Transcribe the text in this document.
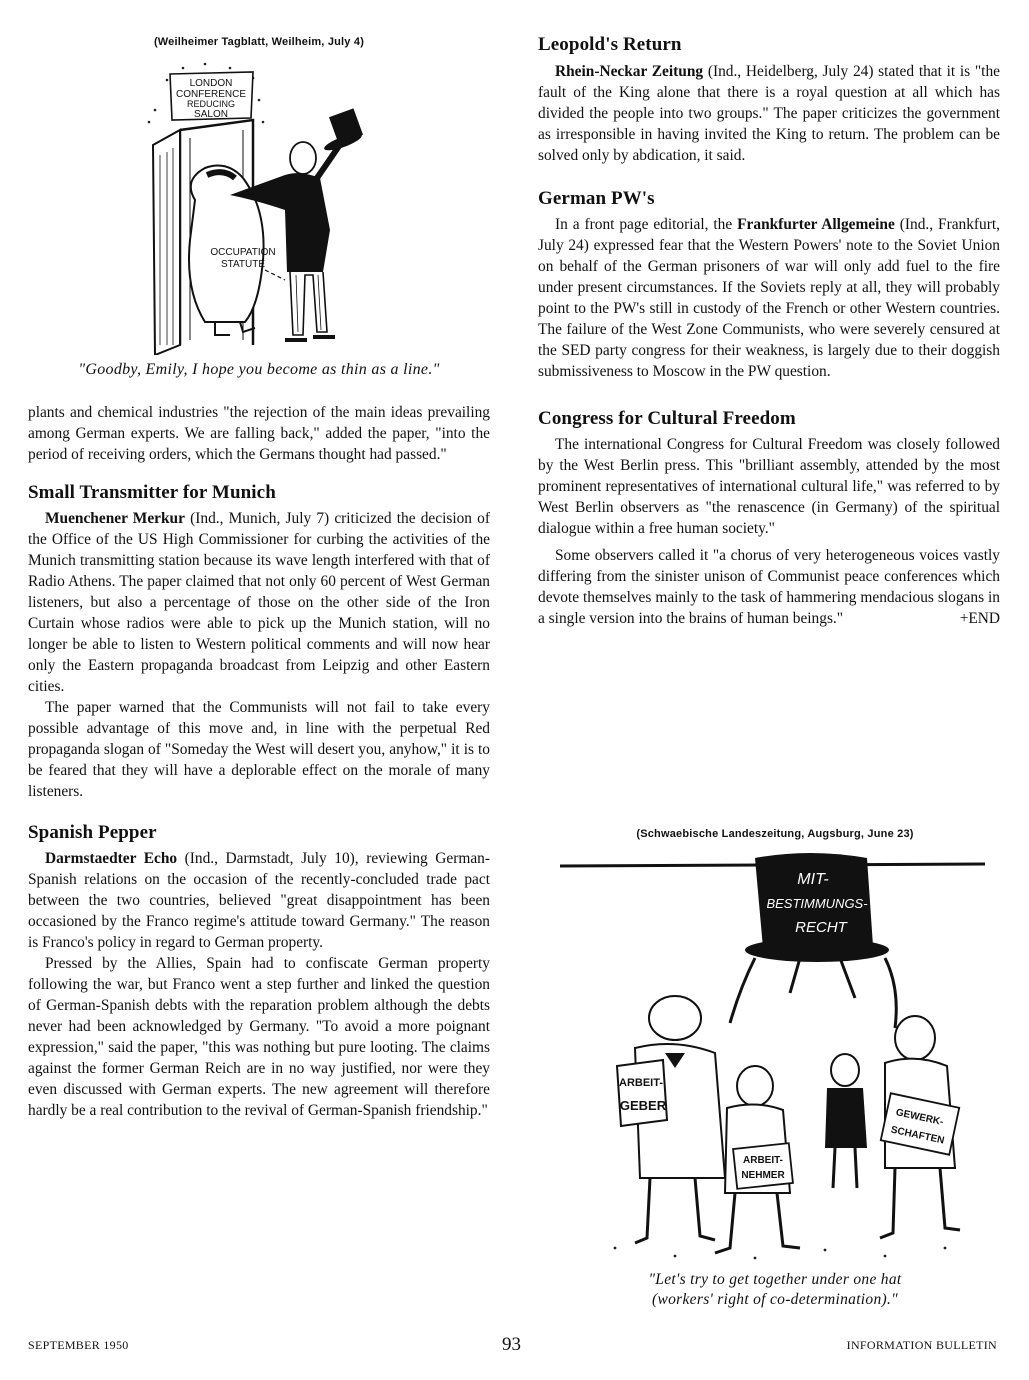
(Weilheimer Tagblatt, Weilheim, July 4)
LONDON
CONFERENCE
REDUCING
SALON
OCCUPATION
STATUTE
"Goodby, Emily, I hope you become as thin as a line."

plants and chemical industries "the rejection of the main ideas prevailing among German experts. We are falling back," added the paper, "into the period of receiving orders, which the Germans thought had passed."

Small Transmitter for Munich

Muenchener Merkur (Ind., Munich, July 7) criticized the decision of the Office of the US High Commissioner for curbing the activities of the Munich transmitting station because its wave length interfered with that of Radio Athens. The paper claimed that not only 60 percent of West German listeners, but also a percentage of those on the other side of the Iron Curtain whose radios were able to pick up the Munich station, will no longer be able to listen to Western political comments and will now hear only the Eastern propaganda broadcast from Leipzig and other Eastern cities.

The paper warned that the Communists will not fail to take every possible advantage of this move and, in line with the perpetual Red propaganda slogan of "Someday the West will desert you, anyhow," it is to be feared that they will have a deplorable effect on the morale of many listeners.

Spanish Pepper

Darmstaedter Echo (Ind., Darmstadt, July 10), reviewing German-Spanish relations on the occasion of the recently-concluded trade pact between the two countries, believed "great disappointment has been occasioned by the Franco regime's attitude toward Germany." The reason is Franco's policy in regard to German property.

Pressed by the Allies, Spain had to confiscate German property following the war, but Franco went a step further and linked the question of German-Spanish debts with the reparation problem although the debts never had been acknowledged by Germany. "To avoid a more poignant expression," said the paper, "this was nothing but pure looting. The claims against the former German Reich are in no way justified, nor were they even discussed with German experts. The new agreement will therefore hardly be a real contribution to the revival of German-Spanish friendship."

Leopold's Return

Rhein-Neckar Zeitung (Ind., Heidelberg, July 24) stated that it is "the fault of the King alone that there is a royal question at all which has divided the people into two groups." The paper criticizes the government as irresponsible in having invited the King to return. The problem can be solved only by abdication, it said.

German PW's

In a front page editorial, the Frankfurter Allgemeine (Ind., Frankfurt, July 24) expressed fear that the Western Powers' note to the Soviet Union on behalf of the German prisoners of war will only add fuel to the fire under present circumstances. If the Soviets reply at all, they will probably point to the PW's still in custody of the French or other Western countries. The failure of the West Zone Communists, who were severely censured at the SED party congress for their weakness, is largely due to their doggish submissiveness to Moscow in the PW question.

Congress for Cultural Freedom

The international Congress for Cultural Freedom was closely followed by the West Berlin press. This "brilliant assembly, attended by the most prominent representatives of international cultural life," was referred to by West Berlin observers as "the renascence (in Germany) of the spiritual dialogue within a free human society."

Some observers called it "a chorus of very heterogeneous voices vastly differing from the sinister unison of Communist peace conferences which devote themselves mainly to the task of hammering mendacious slogans in a single version into the brains of human beings."	+END

(Schwaebische Landeszeitung, Augsburg, June 23)
MIT-
BESTIMMUNGS-
RECHT
ARBEIT-
GEBER
ARBEIT-
NEHMER
GEWERK-
SCHAFTEN
"Let's try to get together under one hat
(workers' right of co-determination)."
SEPTEMBER 1950	93	INFORMATION BULLETIN
